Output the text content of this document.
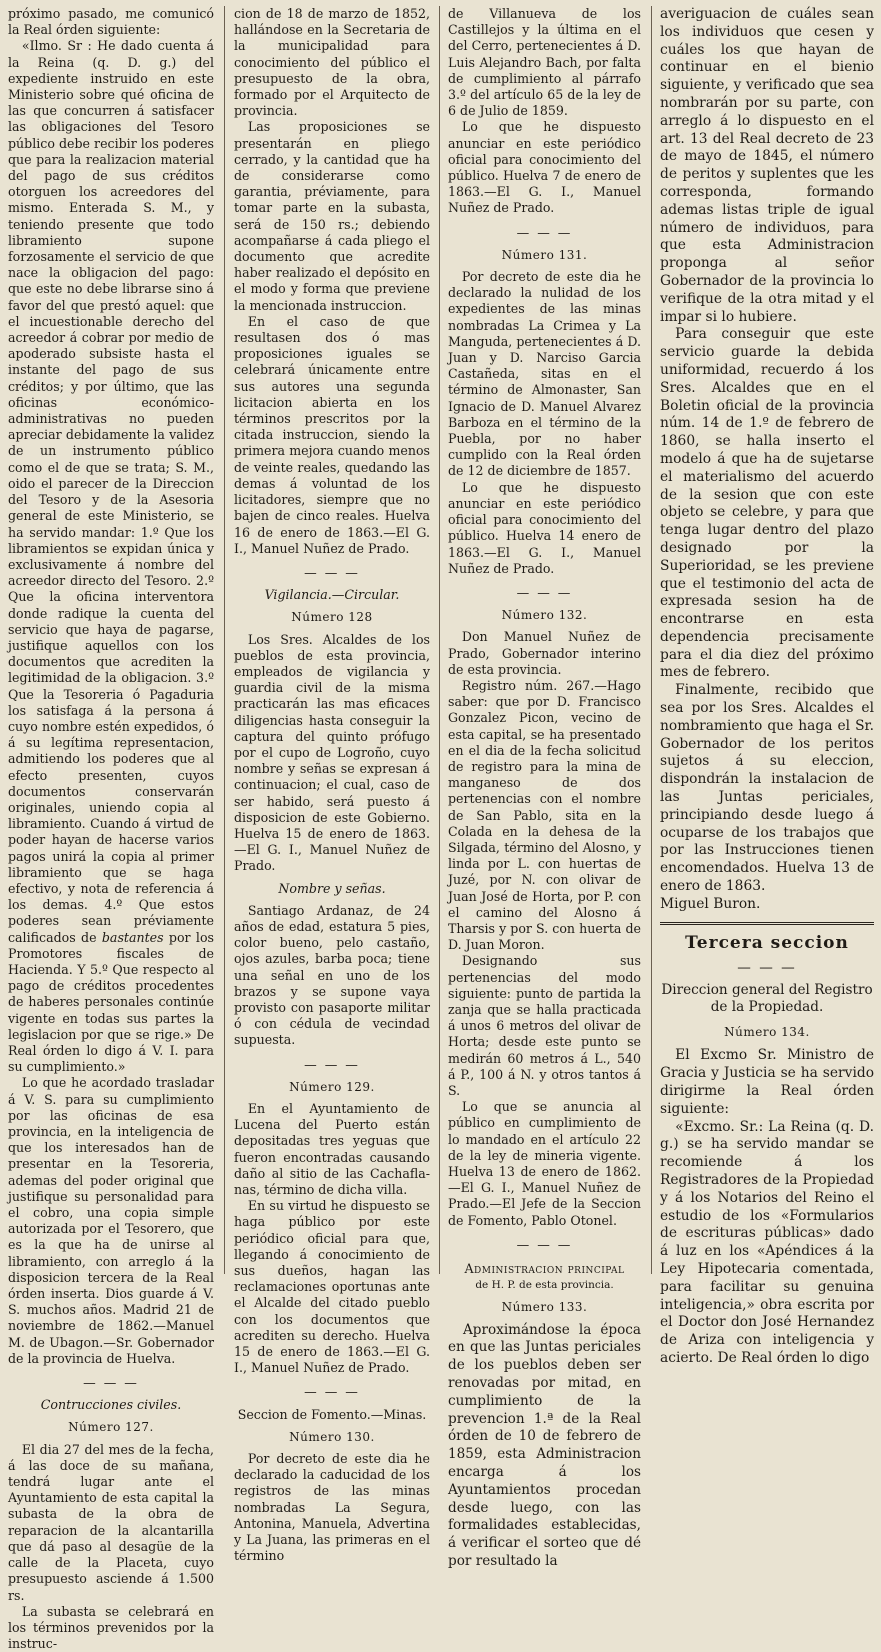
próximo pasado, me comunicó la Real órden siguiente:

«Ilmo. Sr : He dado cuenta á la Reina (q. D. g.) del expediente instruido en este Ministerio sobre qué oficina de las que concurren á satisfacer las obligaciones del Tesoro público debe recibir los poderes que para la realizacion material del pago de sus créditos otorguen los acreedores del mismo. Enterada S. M., y teniendo presente que todo libramiento supone forzosamente el servicio de que nace la obligacion del pago: que este no debe librarse sino á favor del que prestó aquel: que el incuestionable derecho del acreedor á cobrar por medio de apoderado subsiste hasta el instante del pago de sus créditos; y por último, que las oficinas económico-administrativas no pueden apreciar debidamente la validez de un instrumento público como el de que se trata; S. M., oido el parecer de la Direccion del Tesoro y de la Asesoria general de este Ministerio, se ha servido mandar: 1.º Que los libramientos se expidan única y exclusivamente á nombre del acreedor directo del Tesoro. 2.º Que la oficina interventora donde radique la cuenta del servicio que haya de pagarse, justifique aquellos con los documentos que acrediten la legitimidad de la obligacion. 3.º Que la Tesoreria ó Pagaduria los satisfaga á la persona á cuyo nombre estén expedidos, ó á su legítima representacion, admitiendo los poderes que al efecto presenten, cuyos documentos conservarán originales, uniendo copia al libramiento. Cuando á virtud de poder hayan de hacerse varios pagos unirá la copia al primer libramiento que se haga efectivo, y nota de referencia á los demas. 4.º Que estos poderes sean préviamente calificados de bastantes por los Promotores fiscales de Hacienda. Y 5.º Que respecto al pago de créditos procedentes de haberes personales continúe vigente en todas sus partes la legislacion por que se rige.» De Real órden lo digo á V. I. para su cumplimiento.»

Lo que he acordado trasladar á V. S. para su cumplimiento por las oficinas de esa provincia, en la inteligencia de que los interesados han de presentar en la Tesoreria, ademas del poder original que justifique su personalidad para el cobro, una copia simple autorizada por el Tesorero, que es la que ha de unirse al libramiento, con arreglo á la disposicion tercera de la Real órden inserta. Dios guarde á V. S. muchos años. Madrid 21 de noviembre de 1862.—Manuel M. de Ubagon.—Sr. Gobernador de la provincia de Huelva.

— — —
Contrucciones civiles.
Número 127.

El dia 27 del mes de la fecha, á las doce de su mañana, tendrá lugar ante el Ayuntamiento de esta capital la subasta de la obra de reparacion de la alcantarilla que dá paso al desagüe de la calle de la Placeta, cuyo presupuesto asciende á 1.500 rs.

La subasta se celebrará en los términos prevenidos por la instruc-

cion de 18 de marzo de 1852, hallándose en la Secretaria de la municipalidad para conocimiento del público el presupuesto de la obra, formado por el Arquitecto de provincia.

Las proposiciones se presentarán en pliego cerrado, y la cantidad que ha de considerarse como garantia, préviamente, para tomar parte en la subasta, será de 150 rs.; debiendo acompañarse á cada pliego el documento que acredite haber realizado el depósito en el modo y forma que previene la mencionada instruccion.

En el caso de que resultasen dos ó mas proposiciones iguales se celebrará únicamente entre sus autores una segunda licitacion abierta en los términos prescritos por la citada instruccion, siendo la primera mejora cuando menos de veinte reales, quedando las demas á voluntad de los licitadores, siempre que no bajen de cinco reales. Huelva 16 de enero de 1863.—El G. I., Manuel Nuñez de Prado.

— — —
Vigilancia.—Circular.
Número 128

Los Sres. Alcaldes de los pueblos de esta provincia, empleados de vigilancia y guardia civil de la misma practicarán las mas eficaces diligencias hasta conseguir la captura del quinto prófugo por el cupo de Logroño, cuyo nombre y señas se expresan á continuacion; el cual, caso de ser habido, será puesto á disposicion de este Gobierno. Huelva 15 de enero de 1863.—El G. I., Manuel Nuñez de Prado.

Nombre y señas.

Santiago Ardanaz, de 24 años de edad, estatura 5 pies, color bueno, pelo castaño, ojos azules, barba poca; tiene una señal en uno de los brazos y se supone vaya provisto con pasaporte militar ó con cédula de vecindad supuesta.

— — —
Número 129.

En el Ayuntamiento de Lucena del Puerto están depositadas tres yeguas que fueron encontradas causando daño al sitio de las Cachaflanas, término de dicha villa.

En su virtud he dispuesto se haga público por este periódico oficial para que, llegando á conocimiento de sus dueños, hagan las reclamaciones oportunas ante el Alcalde del citado pueblo con los documentos que acrediten su derecho. Huelva 15 de enero de 1863.—El G. I., Manuel Nuñez de Prado.

— — —
Seccion de Fomento.—Minas.
Número 130.

Por decreto de este dia he declarado la caducidad de los registros de las minas nombradas La Segura, Antonina, Manuela, Advertina y La Juana, las primeras en el término

de Villanueva de los Castillejos y la última en el del Cerro, pertenecientes á D. Luis Alejandro Bach, por falta de cumplimiento al párrafo 3.º del artículo 65 de la ley de 6 de Julio de 1859.

Lo que he dispuesto anunciar en este periódico oficial para conocimiento del público. Huelva 7 de enero de 1863.—El G. I., Manuel Nuñez de Prado.

— — —
Número 131.

Por decreto de este dia he declarado la nulidad de los expedientes de las minas nombradas La Crimea y La Manguda, pertenecientes á D. Juan y D. Narciso Garcia Castañeda, sitas en el término de Almonaster, San Ignacio de D. Manuel Alvarez Barboza en el término de la Puebla, por no haber cumplido con la Real órden de 12 de diciembre de 1857.

Lo que he dispuesto anunciar en este periódico oficial para conocimiento del público. Huelva 14 enero de 1863.—El G. I., Manuel Nuñez de Prado.

— — —
Número 132.

Don Manuel Nuñez de Prado, Gobernador interino de esta provincia.

Registro núm. 267.—Hago saber: que por D. Francisco Gonzalez Picon, vecino de esta capital, se ha presentado en el dia de la fecha solicitud de registro para la mina de manganeso de dos pertenencias con el nombre de San Pablo, sita en la Colada en la dehesa de la Silgada, término del Alosno, y linda por L. con huertas de Juzé, por N. con olivar de Juan José de Horta, por P. con el camino del Alosno á Tharsis y por S. con huerta de D. Juan Moron.

Designando sus pertenencias del modo siguiente: punto de partida la zanja que se halla practicada á unos 6 metros del olivar de Horta; desde este punto se medirán 60 metros á L., 540 á P., 100 á N. y otros tantos á S.

Lo que se anuncia al público en cumplimiento de lo mandado en el artículo 22 de la ley de mineria vigente. Huelva 13 de enero de 1862.—El G. I., Manuel Nuñez de Prado.—El Jefe de la Seccion de Fomento, Pablo Otonel.

— — —
Administracion principal
de H. P. de esta provincia.
Número 133.

Aproximándose la época en que las Juntas periciales de los pueblos deben ser renovadas por mitad, en cumplimiento de la prevencion 1.ª de la Real órden de 10 de febrero de 1859, esta Administracion encarga á los Ayuntamientos procedan desde luego, con las formalidades establecidas, á verificar el sorteo que dé por resultado la

averiguacion de cuáles sean los individuos que cesen y cuáles los que hayan de continuar en el bienio siguiente, y verificado que sea nombrarán por su parte, con arreglo á lo dispuesto en el art. 13 del Real decreto de 23 de mayo de 1845, el número de peritos y suplentes que les corresponda, formando ademas listas triple de igual número de individuos, para que esta Administracion proponga al señor Gobernador de la provincia lo verifique de la otra mitad y el impar si lo hubiere.

Para conseguir que este servicio guarde la debida uniformidad, recuerdo á los Sres. Alcaldes que en el Boletin oficial de la provincia núm. 14 de 1.º de febrero de 1860, se halla inserto el modelo á que ha de sujetarse el materialismo del acuerdo de la sesion que con este objeto se celebre, y para que tenga lugar dentro del plazo designado por la Superioridad, se les previene que el testimonio del acta de expresada sesion ha de encontrarse en esta dependencia precisamente para el dia diez del próximo mes de febrero.

Finalmente, recibido que sea por los Sres. Alcaldes el nombramiento que haga el Sr. Gobernador de los peritos sujetos á su eleccion, dispondrán la instalacion de las Juntas periciales, principiando desde luego á ocuparse de los trabajos que por las Instrucciones tienen encomendados. Huelva 13 de enero de 1863.

Miguel Buron.

Tercera seccion
— — —
Direccion general del Registro de la Propiedad.
Número 134.

El Excmo Sr. Ministro de Gracia y Justicia se ha servido dirigirme la Real órden siguiente:

«Excmo. Sr.: La Reina (q. D. g.) se ha servido mandar se recomiende á los Registradores de la Propiedad y á los Notarios del Reino el estudio de los «Formularios de escrituras públicas» dado á luz en los «Apéndices á la Ley Hipotecaria comentada, para facilitar su genuina inteligencia,» obra escrita por el Doctor don José Hernandez de Ariza con inteligencia y acierto. De Real órden lo digo
